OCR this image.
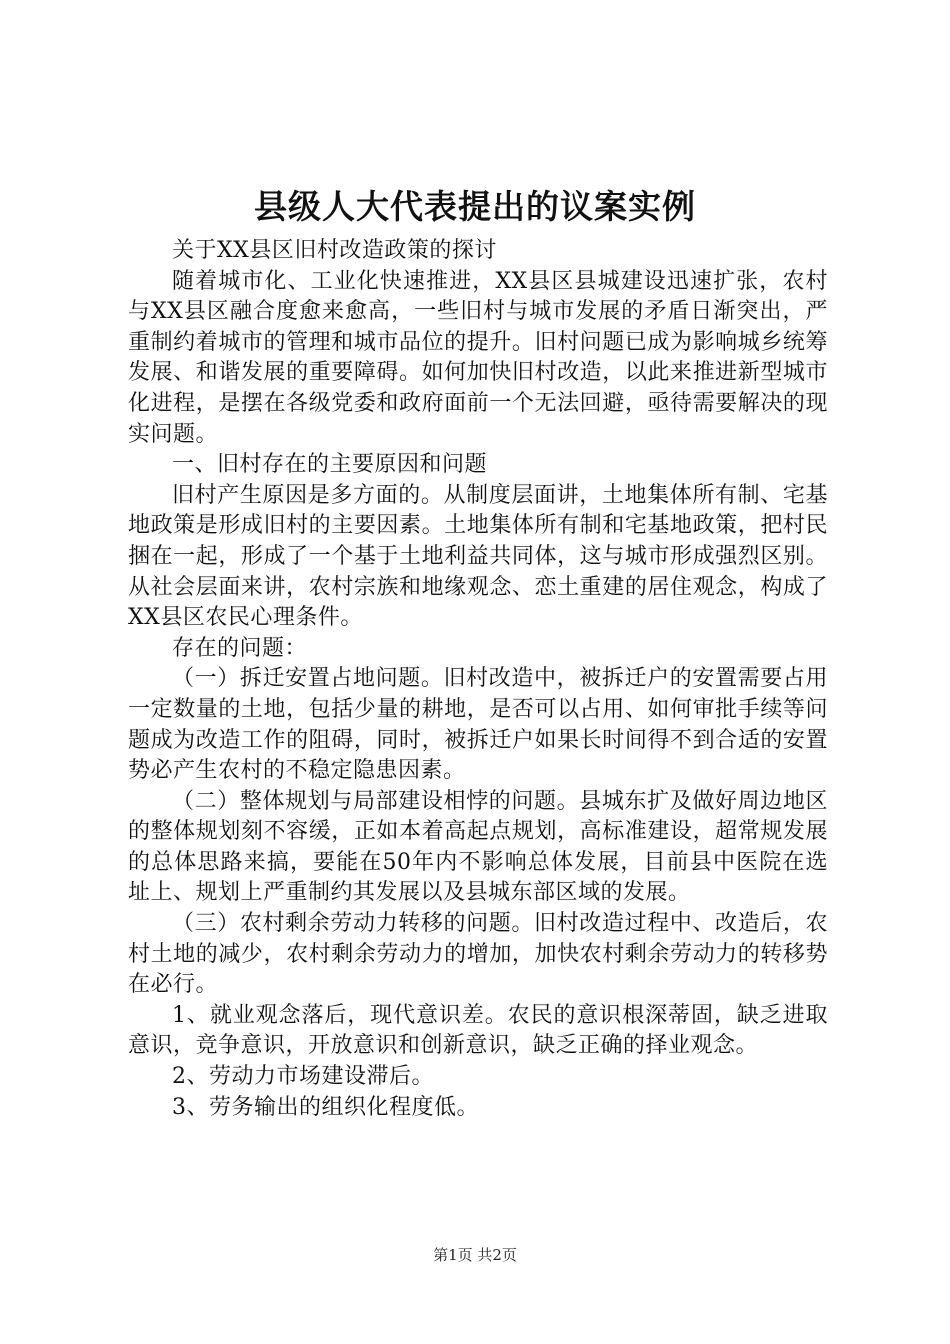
县级人大代表提出的议案实例

关于XX县区旧村改造政策的探讨

随着城市化、工业化快速推进，XX县区县城建设迅速扩张，农村与XX县区融合度愈来愈高，一些旧村与城市发展的矛盾日渐突出，严重制约着城市的管理和城市品位的提升。旧村问题已成为影响城乡统筹发展、和谐发展的重要障碍。如何加快旧村改造，以此来推进新型城市化进程，是摆在各级党委和政府面前一个无法回避，亟待需要解决的现实问题。

一、旧村存在的主要原因和问题

旧村产生原因是多方面的。从制度层面讲，土地集体所有制、宅基地政策是形成旧村的主要因素。土地集体所有制和宅基地政策，把村民捆在一起，形成了一个基于土地利益共同体，这与城市形成强烈区别。从社会层面来讲，农村宗族和地缘观念、恋土重建的居住观念，构成了XX县区农民心理条件。

存在的问题：

（一）拆迁安置占地问题。旧村改造中，被拆迁户的安置需要占用一定数量的土地，包括少量的耕地，是否可以占用、如何审批手续等问题成为改造工作的阻碍，同时，被拆迁户如果长时间得不到合适的安置势必产生农村的不稳定隐患因素。

（二）整体规划与局部建设相悖的问题。县城东扩及做好周边地区的整体规划刻不容缓，正如本着高起点规划，高标准建设，超常规发展的总体思路来搞，要能在50年内不影响总体发展，目前县中医院在选址上、规划上严重制约其发展以及县城东部区域的发展。

（三）农村剩余劳动力转移的问题。旧村改造过程中、改造后，农村土地的减少，农村剩余劳动力的增加，加快农村剩余劳动力的转移势在必行。

1、就业观念落后，现代意识差。农民的意识根深蒂固，缺乏进取意识，竞争意识，开放意识和创新意识，缺乏正确的择业观念。

2、劳动力市场建设滞后。

3、劳务输出的组织化程度低。

第1页 共2页
